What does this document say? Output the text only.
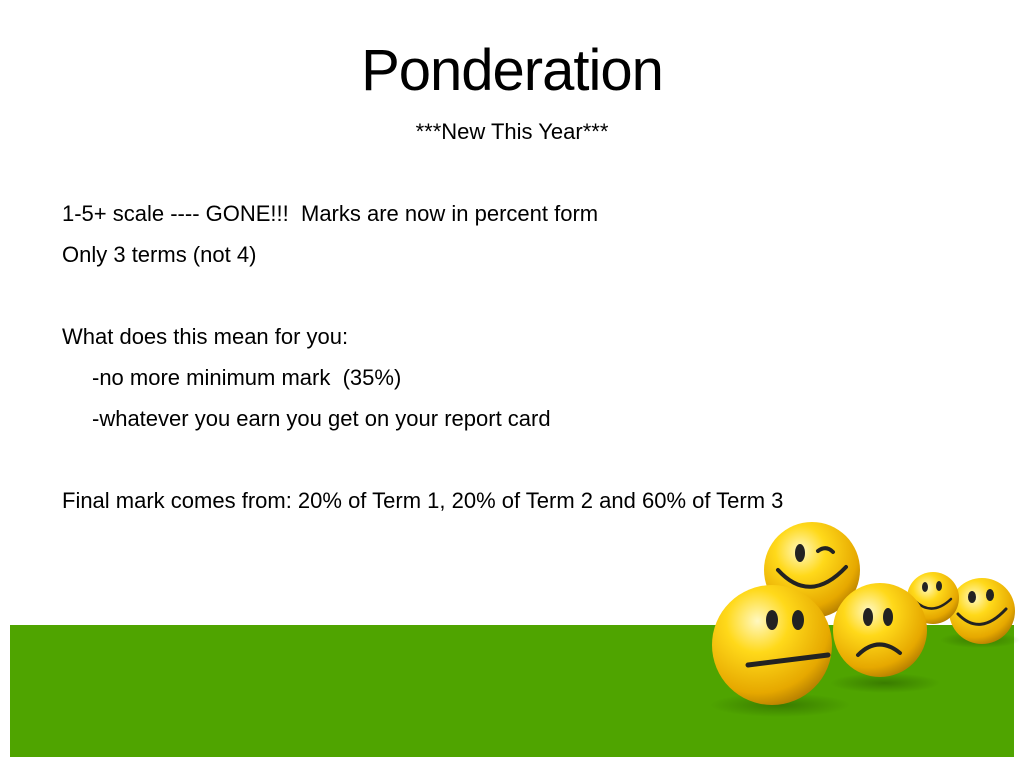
Ponderation
***New This Year***
1-5+ scale ---- GONE!!!  Marks are now in percent form
Only 3 terms (not 4)
What does this mean for you:
-no more minimum mark  (35%)
-whatever you earn you get on your report card
Final mark comes from: 20% of Term 1, 20% of Term 2 and 60% of Term 3
